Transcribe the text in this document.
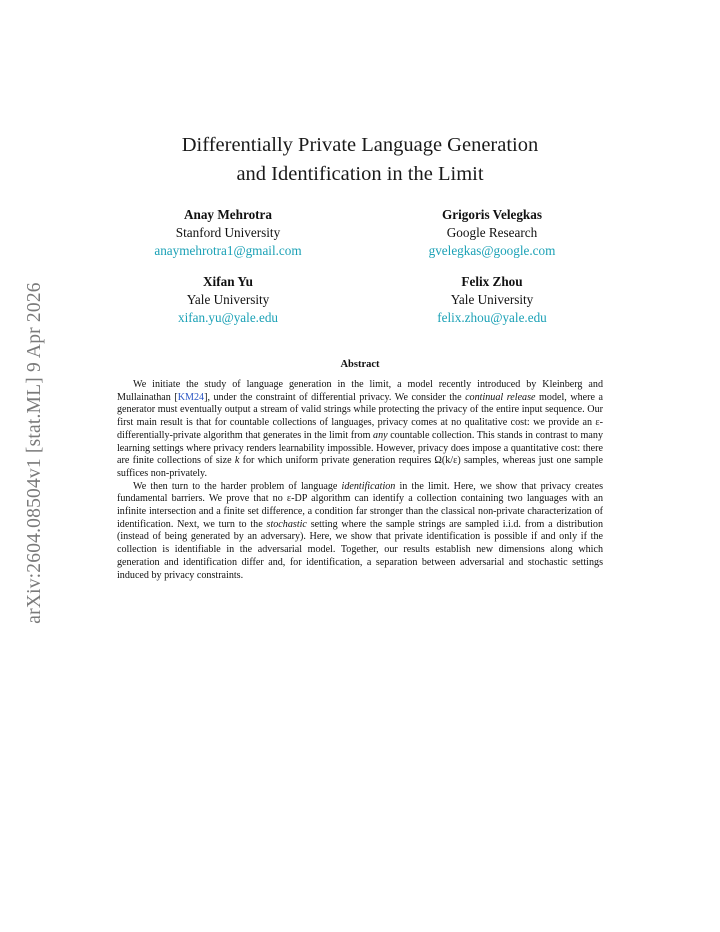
arXiv:2604.08504v1 [stat.ML] 9 Apr 2026
Differentially Private Language Generation
and Identification in the Limit
Anay Mehrotra
Stanford University
anaymehrotra1@gmail.com
Grigoris Velegkas
Google Research
gvelegkas@google.com
Xifan Yu
Yale University
xifan.yu@yale.edu
Felix Zhou
Yale University
felix.zhou@yale.edu
Abstract

We initiate the study of language generation in the limit, a model recently introduced by Kleinberg and Mullainathan [KM24], under the constraint of differential privacy. We consider the continual release model, where a generator must eventually output a stream of valid strings while protecting the privacy of the entire input sequence. Our first main result is that for countable collections of languages, privacy comes at no qualitative cost: we provide an ε-differentially-private algorithm that generates in the limit from any countable collection. This stands in contrast to many learning settings where privacy renders learnability impossible. However, privacy does impose a quantitative cost: there are finite collections of size k for which uniform private generation requires Ω(k/ε) samples, whereas just one sample suffices non-privately.

We then turn to the harder problem of language identification in the limit. Here, we show that privacy creates fundamental barriers. We prove that no ε-DP algorithm can identify a collection containing two languages with an infinite intersection and a finite set difference, a condition far stronger than the classical non-private characterization of identification. Next, we turn to the stochastic setting where the sample strings are sampled i.i.d. from a distribution (instead of being generated by an adversary). Here, we show that private identification is possible if and only if the collection is identifiable in the adversarial model. Together, our results establish new dimensions along which generation and identification differ and, for identification, a separation between adversarial and stochastic settings induced by privacy constraints.
